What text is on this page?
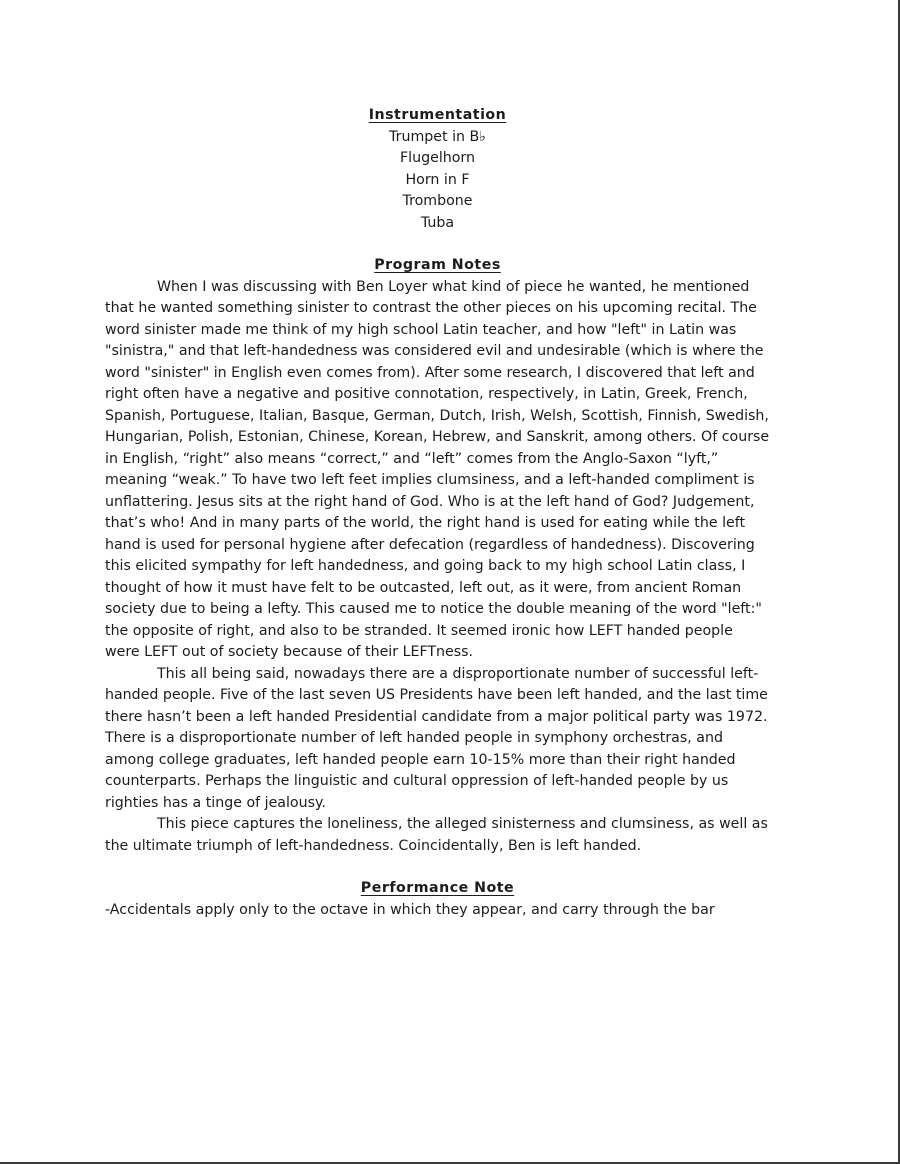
Instrumentation
Trumpet in B♭
Flugelhorn
Horn in F
Trombone
Tuba
Program Notes

When I was discussing with Ben Loyer what kind of piece he wanted, he mentioned that he wanted something sinister to contrast the other pieces on his upcoming recital. The word sinister made me think of my high school Latin teacher, and how "left" in Latin was "sinistra," and that left-handedness was considered evil and undesirable (which is where the word "sinister" in English even comes from). After some research, I discovered that left and right often have a negative and positive connotation, respectively, in Latin, Greek, French, Spanish, Portuguese, Italian, Basque, German, Dutch, Irish, Welsh, Scottish, Finnish, Swedish, Hungarian, Polish, Estonian, Chinese, Korean, Hebrew, and Sanskrit, among others. Of course in English, “right” also means “correct,” and “left” comes from the Anglo-Saxon “lyft,” meaning “weak.” To have two left feet implies clumsiness, and a left-handed compliment is unflattering. Jesus sits at the right hand of God. Who is at the left hand of God? Judgement, that’s who! And in many parts of the world, the right hand is used for eating while the left hand is used for personal hygiene after defecation (regardless of handedness). Discovering this elicited sympathy for left handedness, and going back to my high school Latin class, I thought of how it must have felt to be outcasted, left out, as it were, from ancient Roman society due to being a lefty. This caused me to notice the double meaning of the word "left:" the opposite of right, and also to be stranded. It seemed ironic how LEFT handed people were LEFT out of society because of their LEFTness.

This all being said, nowadays there are a disproportionate number of successful left-handed people. Five of the last seven US Presidents have been left handed, and the last time there hasn’t been a left handed Presidential candidate from a major political party was 1972. There is a disproportionate number of left handed people in symphony orchestras, and among college graduates, left handed people earn 10-15% more than their right handed counterparts. Perhaps the linguistic and cultural oppression of left-handed people by us righties has a tinge of jealousy.

This piece captures the loneliness, the alleged sinisterness and clumsiness, as well as the ultimate triumph of left-handedness. Coincidentally, Ben is left handed.

Performance Note

-Accidentals apply only to the octave in which they appear, and carry through the bar
